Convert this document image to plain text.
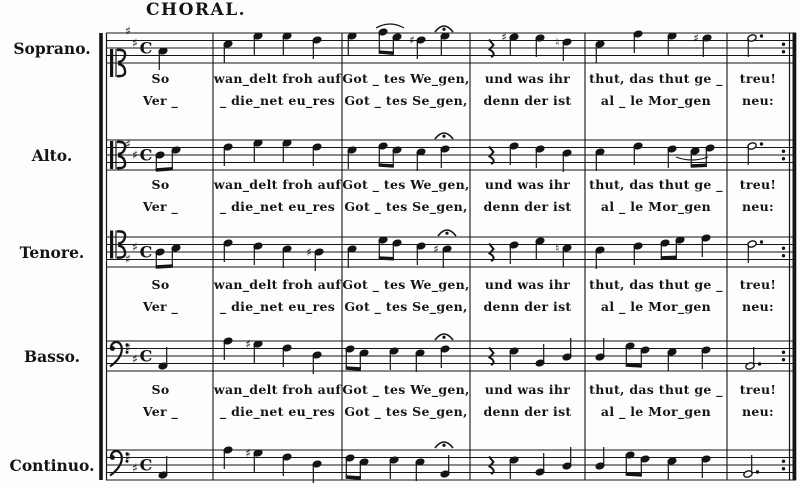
CHORAL.
Soprano.
Alto.
Tenore.
Basso.
Continuo.
♯
♯ C	♯	♯	♮	♯
♯
♯ C
♯
♯ C	♯	♯	♮
♯
♯ C
♯
♯
♯ C
♯
So	wan_delt froh auf Got _ tes We_gen,	und was ihr	thut, das thut ge _	treu!
Ver _	_ die_net eu_res Got _ tes Se_gen,	denn der ist	al _ le Mor_gen	neu:
So	wan_delt froh auf Got _ tes We_gen,	und was ihr	thut, das thut ge _	treu!
Ver _	_ die_net eu_res Got _ tes Se_gen,	denn der ist	al _ le Mor_gen	neu:
So	wan_delt froh auf Got _ tes We_gen,	und was ihr	thut, das thut ge _	treu!
Ver _	_ die_net eu_res Got _ tes Se_gen,	denn der ist	al _ le Mor_gen	neu:
So	wan_delt froh auf Got _ tes We_gen,	und was ihr	thut, das thut ge _	treu!
Ver _	_ die_net eu_res Got _ tes Se_gen,	denn der ist	al _ le Mor_gen	neu:
